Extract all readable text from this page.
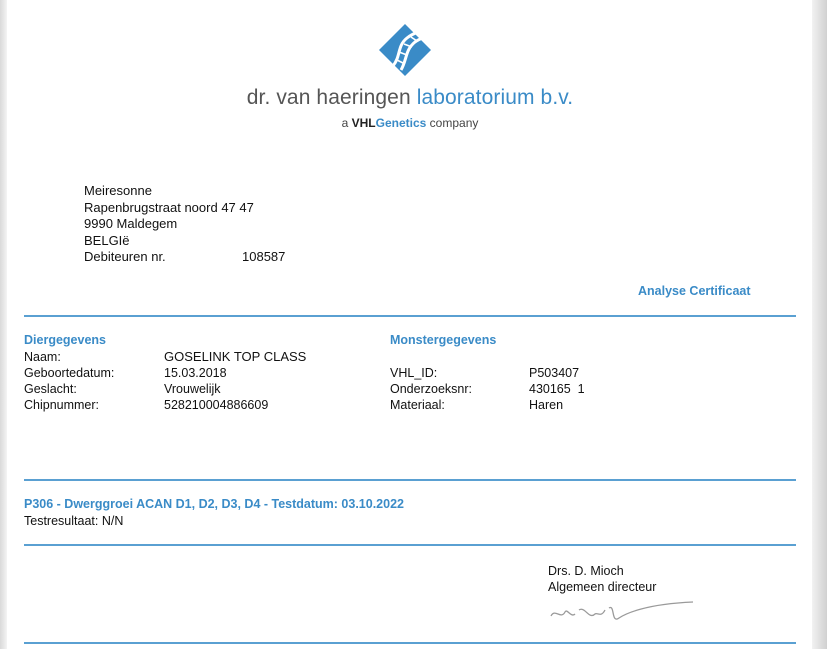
dr. van haeringen laboratorium b.v.
a VHLGenetics company
Meiresonne
Rapenbrugstraat noord 47 47
9990 Maldegem
BELGIë
Debiteuren nr.	108587
Analyse Certificaat
Diergegevens
Naam:	GOSELINK TOP CLASS
Geboortedatum:	15.03.2018
Geslacht:	Vrouwelijk
Chipnummer:	528210004886609
Monstergegevens
VHL_ID:	P503407
Onderzoeksnr:	430165  1
Materiaal:	Haren
P306 - Dwerggroei ACAN D1, D2, D3, D4 - Testdatum: 03.10.2022
Testresultaat: N/N
Drs. D. Mioch
Algemeen directeur
